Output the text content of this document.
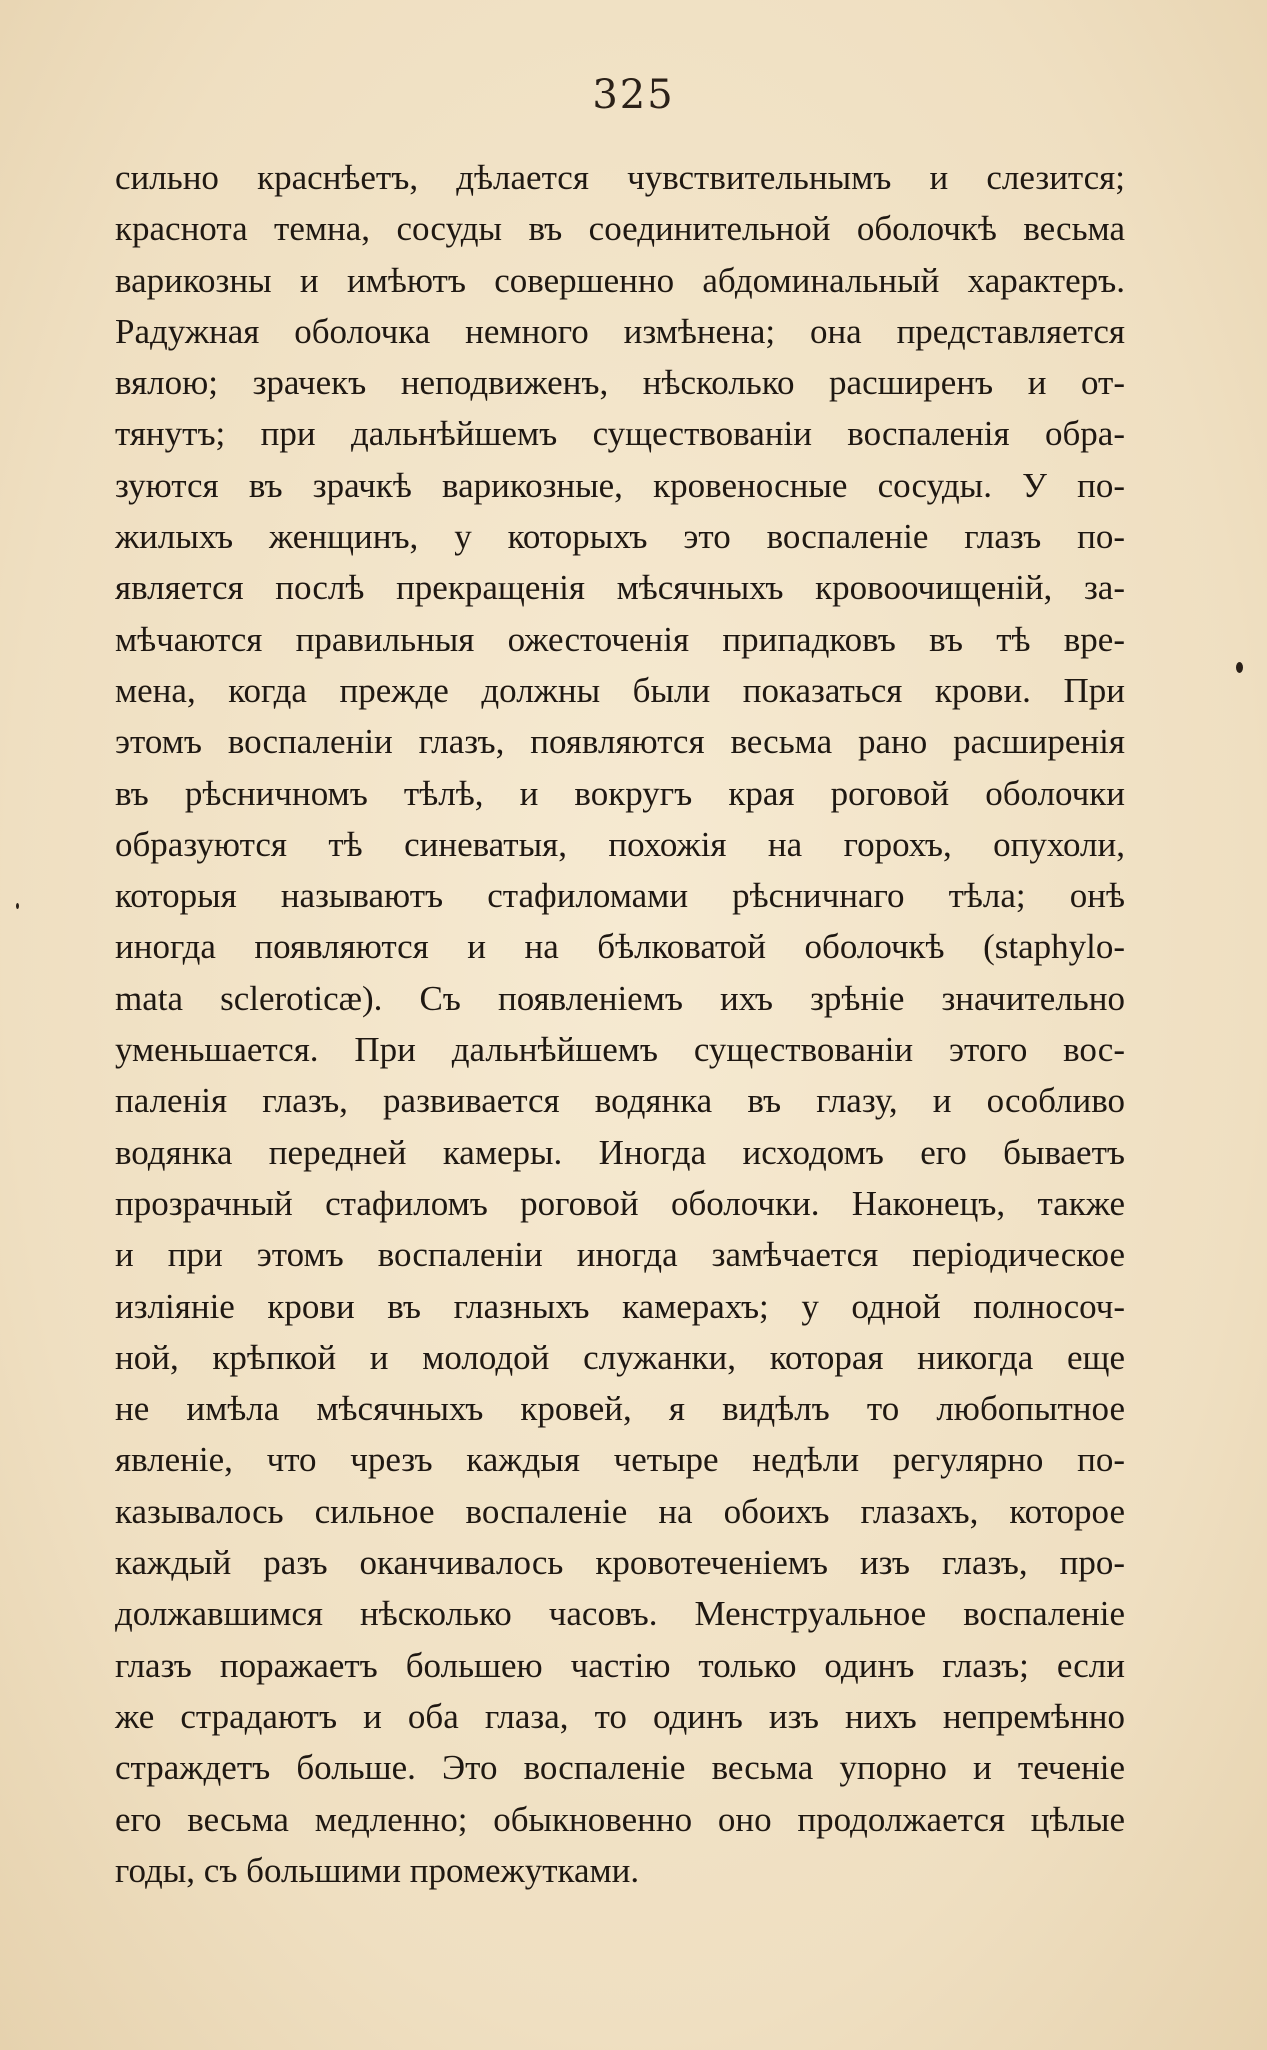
325
сильно краснѣетъ, дѣлается чувствительнымъ и слезится;
краснота темна, сосуды въ соединительной оболочкѣ весьма
варикозны и имѣютъ совершенно абдоминальный характеръ.
Радужная оболочка немного измѣнена; она представляется
вялою; зрачекъ неподвиженъ, нѣсколько расширенъ и от-
тянутъ; при дальнѣйшемъ существованіи воспаленія обра-
зуются въ зрачкѣ варикозные, кровеносные сосуды. У по-
жилыхъ женщинъ, у которыхъ это воспаленіе глазъ по-
является послѣ прекращенія мѣсячныхъ кровоочищеній, за-
мѣчаются правильныя ожесточенія припадковъ въ тѣ вре-
мена, когда прежде должны были показаться крови. При
этомъ воспаленіи глазъ, появляются весьма рано расширенія
въ рѣсничномъ тѣлѣ, и вокругъ края роговой оболочки
образуются тѣ синеватыя, похожія на горохъ, опухоли,
которыя называютъ стафиломами рѣсничнаго тѣла; онѣ
иногда появляются и на бѣлковатой оболочкѣ (staphylo-
mata scleroticæ). Съ появленіемъ ихъ зрѣніе значительно
уменьшается. При дальнѣйшемъ существованіи этого вос-
паленія глазъ, развивается водянка въ глазу, и особливо
водянка передней камеры. Иногда исходомъ его бываетъ
прозрачный стафиломъ роговой оболочки. Наконецъ, также
и при этомъ воспаленіи иногда замѣчается періодическое
изліяніе крови въ глазныхъ камерахъ; у одной полносоч-
ной, крѣпкой и молодой служанки, которая никогда еще
не имѣла мѣсячныхъ кровей, я видѣлъ то любопытное
явленіе, что чрезъ каждыя четыре недѣли регулярно по-
казывалось сильное воспаленіе на обоихъ глазахъ, которое
каждый разъ оканчивалось кровотеченіемъ изъ глазъ, про-
должавшимся нѣсколько часовъ. Менструальное воспаленіе
глазъ поражаетъ большею частію только одинъ глазъ; если
же страдаютъ и оба глаза, то одинъ изъ нихъ непремѣнно
страждетъ больше. Это воспаленіе весьма упорно и теченіе
его весьма медленно; обыкновенно оно продолжается цѣлые
годы, съ большими промежутками.
